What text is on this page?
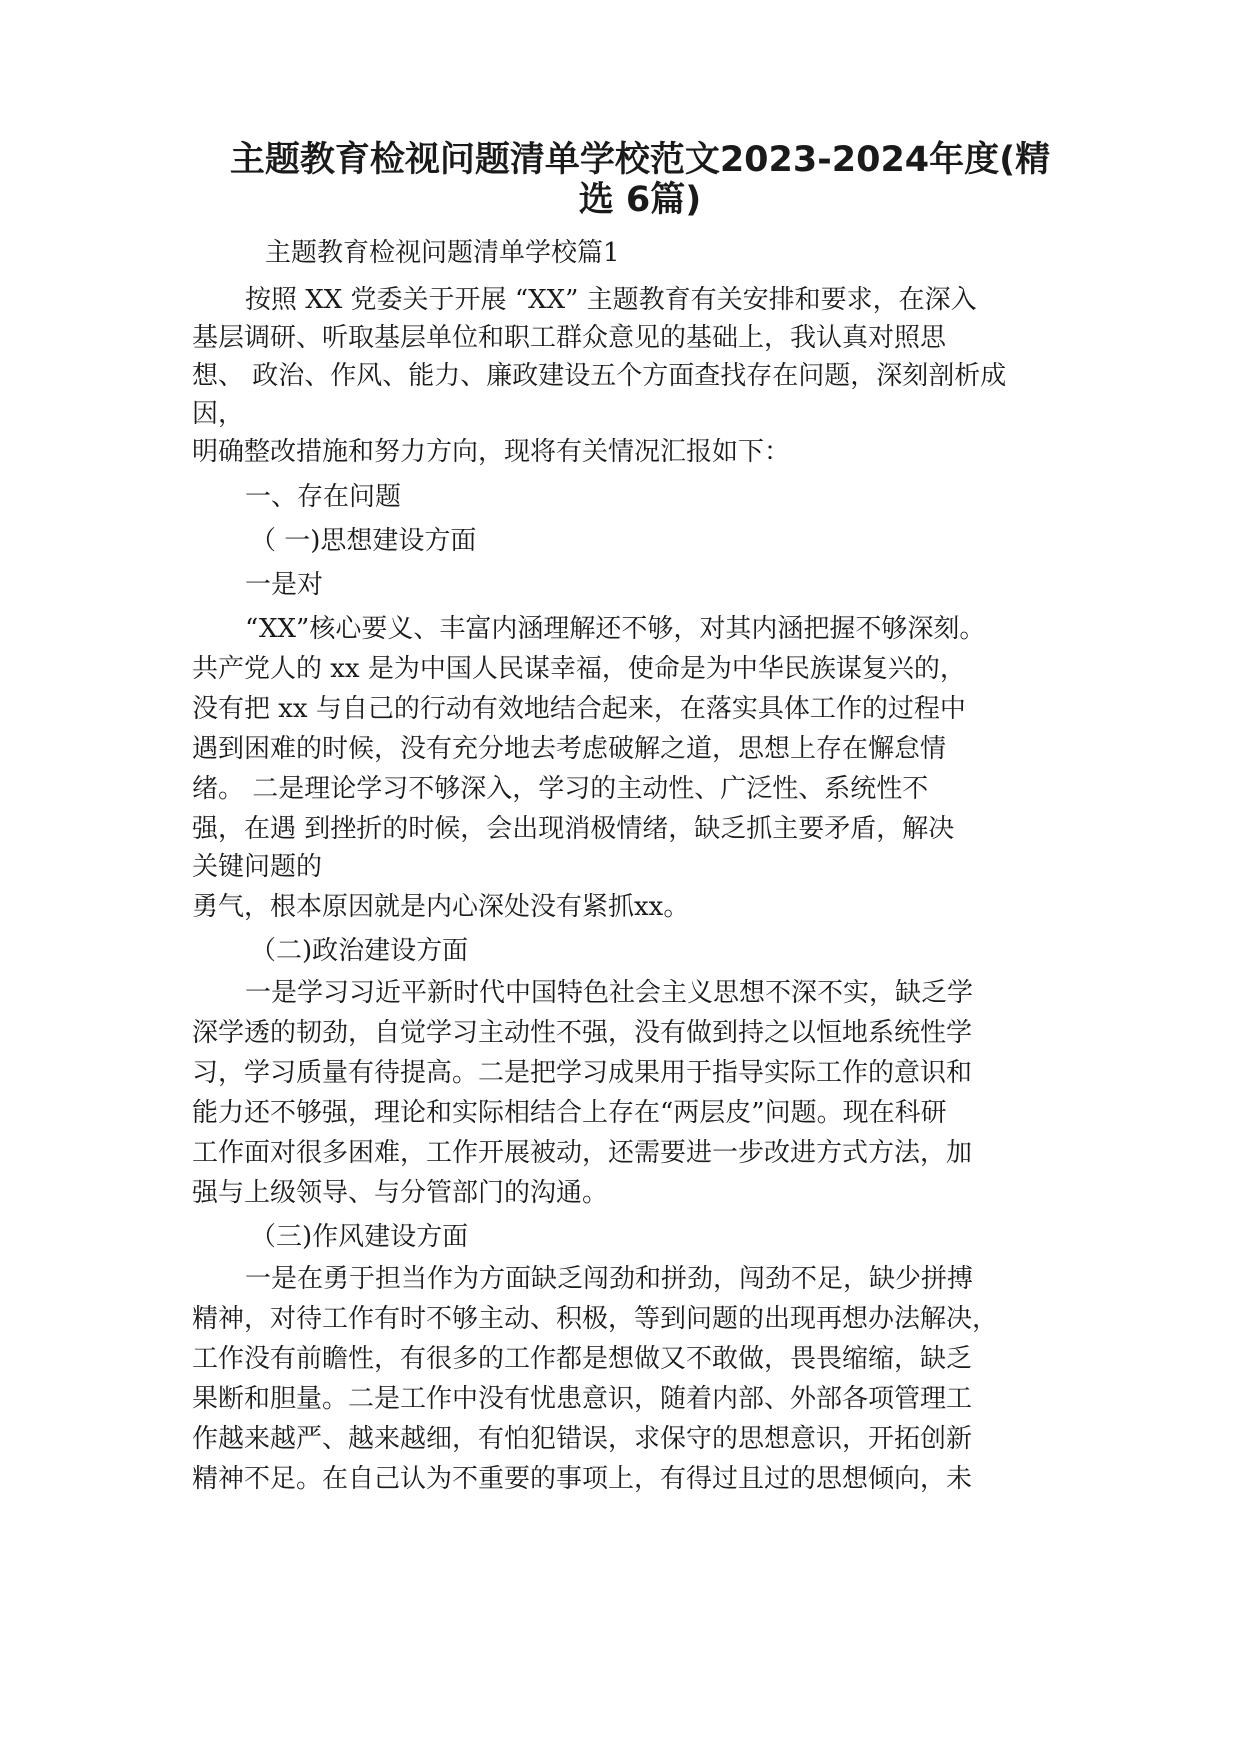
主题教育检视问题清单学校范文2023-2024年度(精
选 6篇)

主题教育检视问题清单学校篇1

按照 XX 党委关于开展 “XX” 主题教育有关安排和要求，在深入

基层调研、听取基层单位和职工群众意见的基础上，我认真对照思

想、 政治、作风、能力、廉政建设五个方面查找存在问题，深刻剖析成

因，

明确整改措施和努力方向，现将有关情况汇报如下：

一、存在问题

（ 一)思想建设方面

一是对

“XX”核心要义、丰富内涵理解还不够，对其内涵把握不够深刻。

共产党人的 xx 是为中国人民谋幸福，使命是为中华民族谋复兴的，

没有把 xx 与自己的行动有效地结合起来，在落实具体工作的过程中

遇到困难的时候，没有充分地去考虑破解之道，思想上存在懈怠情

绪。 二是理论学习不够深入，学习的主动性、广泛性、系统性不

强，在遇 到挫折的时候，会出现消极情绪，缺乏抓主要矛盾，解决

关键问题的

勇气，根本原因就是内心深处没有紧抓xx。

（二)政治建设方面

一是学习习近平新时代中国特色社会主义思想不深不实，缺乏学

深学透的韧劲，自觉学习主动性不强，没有做到持之以恒地系统性学

习，学习质量有待提高。二是把学习成果用于指导实际工作的意识和

能力还不够强，理论和实际相结合上存在“两层皮”问题。现在科研

工作面对很多困难，工作开展被动，还需要进一步改进方式方法，加

强与上级领导、与分管部门的沟通。

（三)作风建设方面

一是在勇于担当作为方面缺乏闯劲和拼劲，闯劲不足，缺少拼搏

精神，对待工作有时不够主动、积极，等到问题的出现再想办法解决，

工作没有前瞻性，有很多的工作都是想做又不敢做，畏畏缩缩，缺乏

果断和胆量。二是工作中没有忧患意识，随着内部、外部各项管理工

作越来越严、越来越细，有怕犯错误，求保守的思想意识，开拓创新

精神不足。在自己认为不重要的事项上，有得过且过的思想倾向，未
